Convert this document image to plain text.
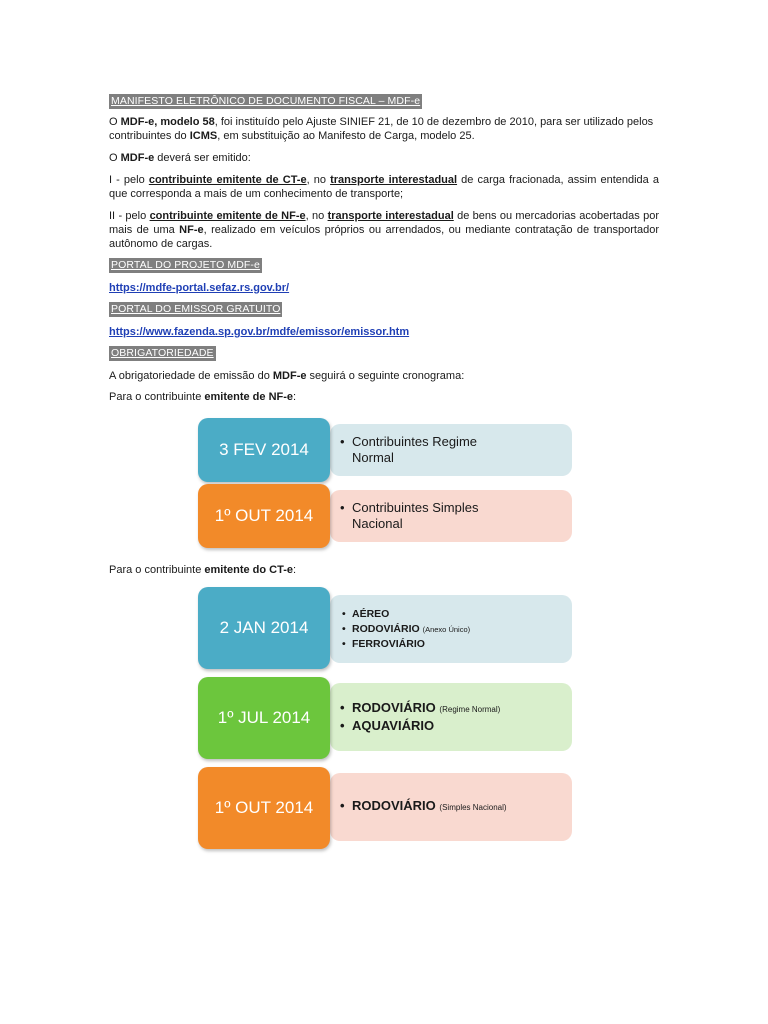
MANIFESTO ELETRÔNICO DE DOCUMENTO FISCAL – MDF-e

O MDF-e, modelo 58, foi instituído pelo Ajuste SINIEF 21, de 10 de dezembro de 2010, para ser utilizado pelos contribuintes do ICMS, em substituição ao Manifesto de Carga, modelo 25.

O MDF-e deverá ser emitido:

I - pelo contribuinte emitente de CT-e, no transporte interestadual de carga fracionada, assim entendida a que corresponda a mais de um conhecimento de transporte;

II - pelo contribuinte emitente de NF-e, no transporte interestadual de bens ou mercadorias acobertadas por mais de uma NF-e, realizado em veículos próprios ou arrendados, ou mediante contratação de transportador autônomo de cargas.

PORTAL DO PROJETO MDF-e

https://mdfe-portal.sefaz.rs.gov.br/

PORTAL DO EMISSOR GRATUITO

https://www.fazenda.sp.gov.br/mdfe/emissor/emissor.htm

OBRIGATORIEDADE

A obrigatoriedade de emissão do MDF-e seguirá o seguinte cronograma:

Para o contribuinte emitente de NF-e:

• Contribuintes Regime Normal
3 FEV 2014
• Contribuintes Simples Nacional
1º OUT 2014

Para o contribuinte emitente do CT-e:

• AÉREO
• RODOVIÁRIO (Anexo Único)
• FERROVIÁRIO
2 JAN 2014
• RODOVIÁRIO (Regime Normal)
• AQUAVIÁRIO
1º JUL 2014
• RODOVIÁRIO (Simples Nacional)
1º OUT 2014
